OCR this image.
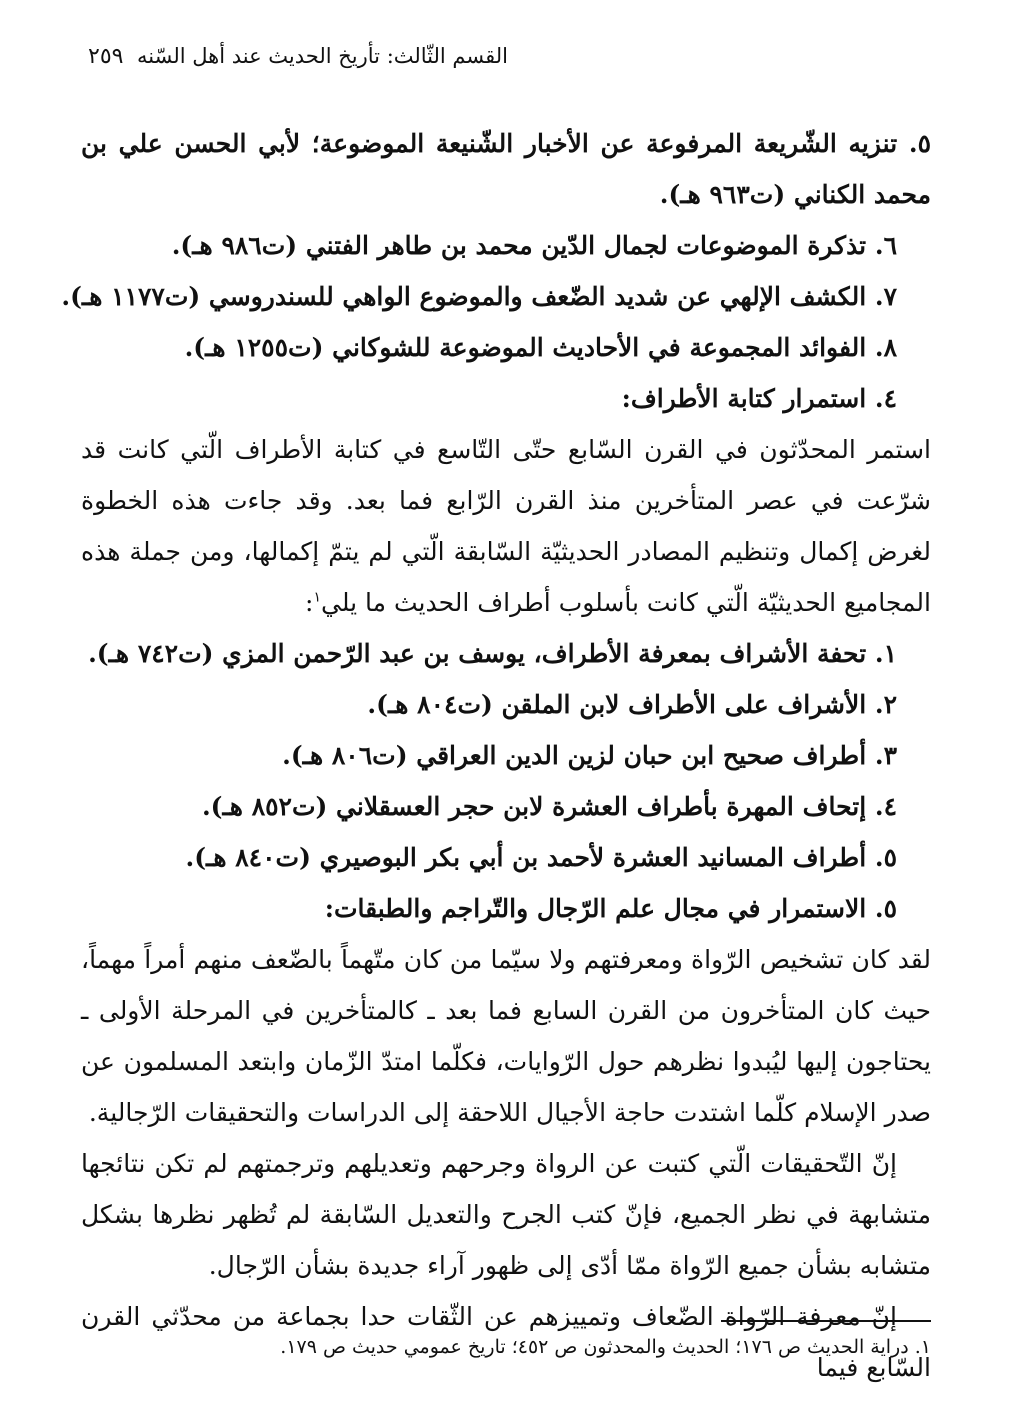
القسم الثّالث: تأريخ الحديث عند أهل السّنه
٢٥٩

٥. تنزيه الشّريعة المرفوعة عن الأخبار الشّنيعة الموضوعة؛ لأبي الحسن علي بن محمد الكناني (ت٩٦٣ هـ).

٦. تذكرة الموضوعات لجمال الدّين محمد بن طاهر الفتني (ت٩٨٦ هـ).

٧. الكشف الإلهي عن شديد الضّعف والموضوع الواهي للسندروسي (ت١١٧٧ هـ).

٨. الفوائد المجموعة في الأحاديث الموضوعة للشوكاني (ت١٢٥٥ هـ).

٤. استمرار كتابة الأطراف:

استمر المحدّثون في القرن السّابع حتّى التّاسع في كتابة الأطراف الّتي كانت قد شرّعت في عصر المتأخرين منذ القرن الرّابع فما بعد. وقد جاءت هذه الخطوة لغرض إكمال وتنظيم المصادر الحديثيّة السّابقة الّتي لم يتمّ إكمالها، ومن جملة هذه المجاميع الحديثيّة الّتي كانت بأسلوب أطراف الحديث ما يلي$^١$:

١. تحفة الأشراف بمعرفة الأطراف، يوسف بن عبد الرّحمن المزي (ت٧٤٢ هـ).

٢. الأشراف على الأطراف لابن الملقن (ت٨٠٤ هـ).

٣. أطراف صحيح ابن حبان لزين الدين العراقي (ت٨٠٦ هـ).

٤. إتحاف المهرة بأطراف العشرة لابن حجر العسقلاني (ت٨٥٢ هـ).

٥. أطراف المسانيد العشرة لأحمد بن أبي بكر البوصيري (ت٨٤٠ هـ).

٥. الاستمرار في مجال علم الرّجال والتّراجم والطبقات:

لقد كان تشخيص الرّواة ومعرفتهم ولا سيّما من كان متّهماً بالضّعف منهم أمراً مهماً، حيث كان المتأخرون من القرن السابع فما بعد ـ كالمتأخرين في المرحلة الأولى ـ يحتاجون إليها ليُبدوا نظرهم حول الرّوايات، فكلّما امتدّ الزّمان وابتعد المسلمون عن صدر الإسلام كلّما اشتدت حاجة الأجيال اللاحقة إلى الدراسات والتحقيقات الرّجالية.

إنّ التّحقيقات الّتي كتبت عن الرواة وجرحهم وتعديلهم وترجمتهم لم تكن نتائجها متشابهة في نظر الجميع، فإنّ كتب الجرح والتعديل السّابقة لم تُظهر نظرها بشكل متشابه بشأن جميع الرّواة ممّا أدّى إلى ظهور آراء جديدة بشأن الرّجال.

إنّ معرفة الرّواة الضّعاف وتمييزهم عن الثّقات حدا بجماعة من محدّثي القرن السّابع فيما

١. دراية الحديث ص ١٧٦؛ الحديث والمحدثون ص ٤٥٢؛ تاريخ عمومي حديث ص ١٧٩.
